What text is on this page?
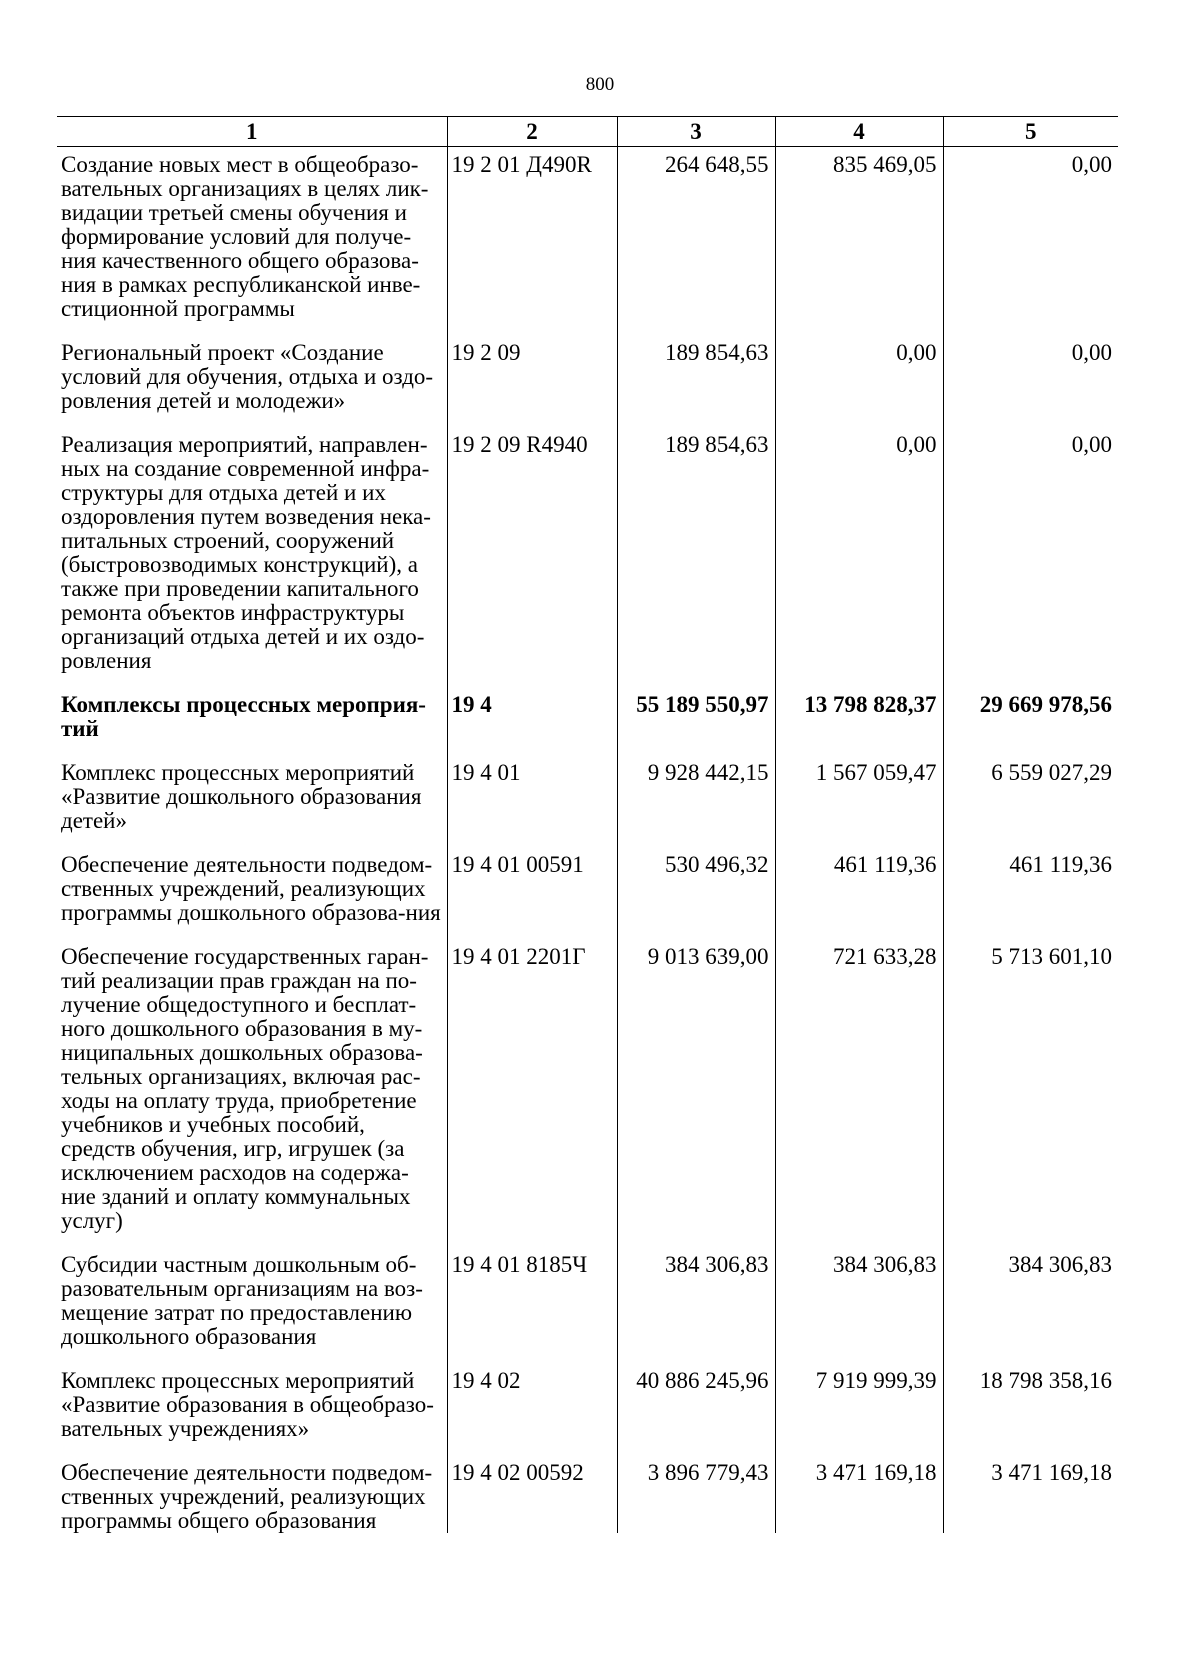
800
1	2	3	4	5
Создание новых мест в общеобразо-вательных организациях в целях лик-видации третьей смены обучения и формирование условий для получе-ния качественного общего образова-ния в рамках республиканской инве-стиционной программы	19 2 01 Д490R	264 648,55	835 469,05	0,00
Региональный проект «Создание условий для обучения, отдыха и оздо-ровления детей и молодежи»	19 2 09	189 854,63	0,00	0,00
Реализация мероприятий, направлен-ных на создание современной инфра-структуры для отдыха детей и их оздоровления путем возведения нека-питальных строений, сооружений (быстровозводимых конструкций), а также при проведении капитального ремонта объектов инфраструктуры организаций отдыха детей и их оздо-ровления	19 2 09 R4940	189 854,63	0,00	0,00
Комплексы процессных мероприя-тий	19 4	55 189 550,97	13 798 828,37	29 669 978,56
Комплекс процессных мероприятий «Развитие дошкольного образования детей»	19 4 01	9 928 442,15	1 567 059,47	6 559 027,29
Обеспечение деятельности подведом-ственных учреждений, реализующих программы дошкольного образова-ния	19 4 01 00591	530 496,32	461 119,36	461 119,36
Обеспечение государственных гаран-тий реализации прав граждан на по-лучение общедоступного и бесплат-ного дошкольного образования в му-ниципальных дошкольных образова-тельных организациях, включая рас-ходы на оплату труда, приобретение учебников и учебных пособий, средств обучения, игр, игрушек (за исключением расходов на содержа-ние зданий и оплату коммунальных услуг)	19 4 01 2201Г	9 013 639,00	721 633,28	5 713 601,10
Субсидии частным дошкольным об-разовательным организациям на воз-мещение затрат по предоставлению дошкольного образования	19 4 01 8185Ч	384 306,83	384 306,83	384 306,83
Комплекс процессных мероприятий «Развитие образования в общеобразо-вательных учреждениях»	19 4 02	40 886 245,96	7 919 999,39	18 798 358,16
Обеспечение деятельности подведом-ственных учреждений, реализующих программы общего образования	19 4 02 00592	3 896 779,43	3 471 169,18	3 471 169,18
